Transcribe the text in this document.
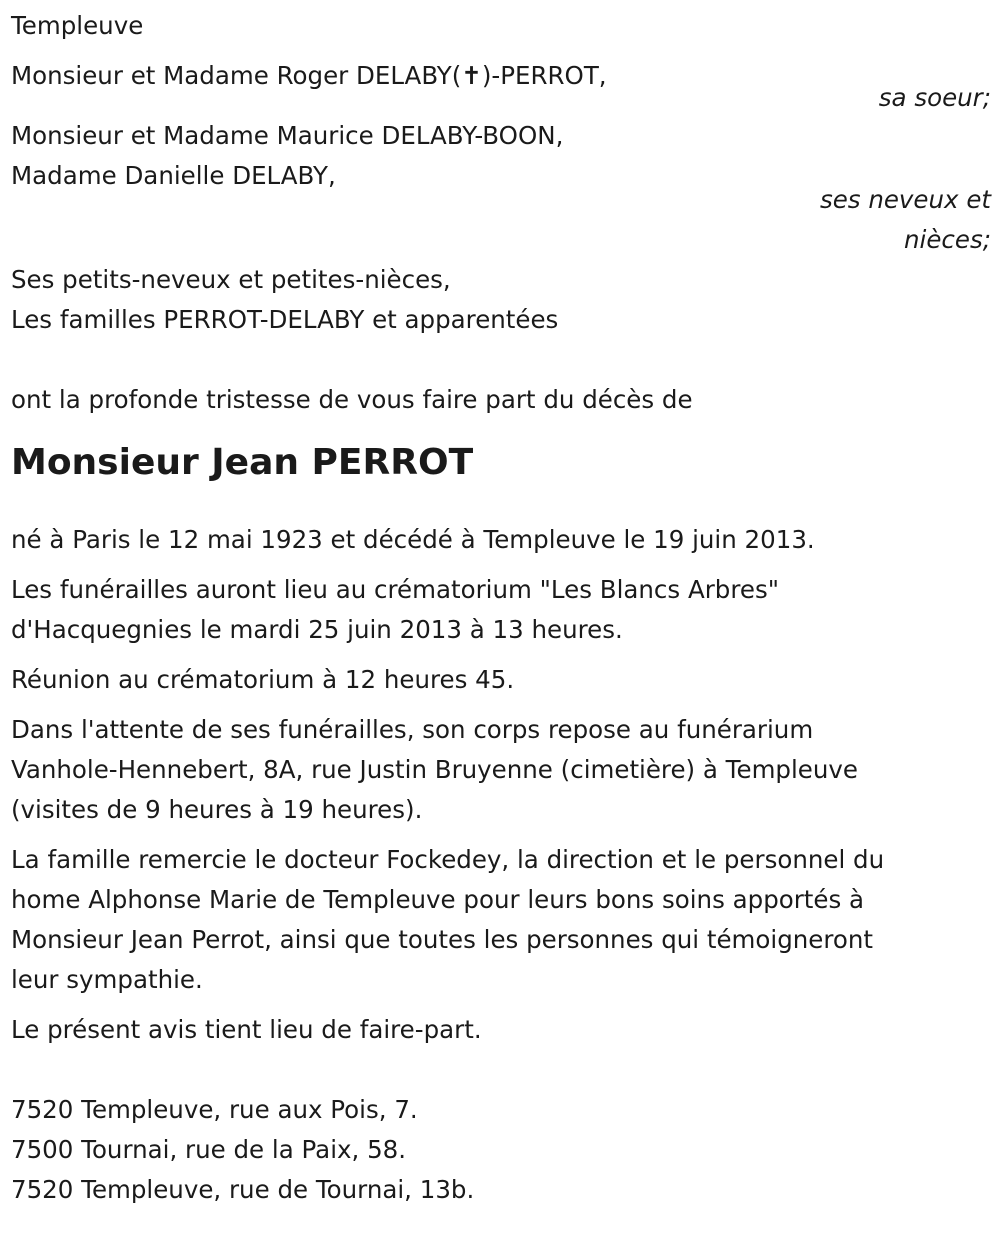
Templeuve
Monsieur et Madame Roger DELABY(✝)-PERROT,
sa soeur;
Monsieur et Madame Maurice DELABY-BOON,
Madame Danielle DELABY,
ses neveux et
nièces;
Ses petits-neveux et petites-nièces,
Les familles PERROT-DELABY et apparentées
ont la profonde tristesse de vous faire part du décès de
Monsieur Jean PERROT
né à Paris le 12 mai 1923 et décédé à Templeuve le 19 juin 2013.
Les funérailles auront lieu au crématorium "Les Blancs Arbres"
d'Hacquegnies le mardi 25 juin 2013 à 13 heures.
Réunion au crématorium à 12 heures 45.
Dans l'attente de ses funérailles, son corps repose au funérarium
Vanhole-Hennebert, 8A, rue Justin Bruyenne (cimetière) à Templeuve
(visites de 9 heures à 19 heures).
La famille remercie le docteur Fockedey, la direction et le personnel du
home Alphonse Marie de Templeuve pour leurs bons soins apportés à
Monsieur Jean Perrot, ainsi que toutes les personnes qui témoigneront
leur sympathie.
Le présent avis tient lieu de faire-part.
7520 Templeuve, rue aux Pois, 7.
7500 Tournai, rue de la Paix, 58.
7520 Templeuve, rue de Tournai, 13b.
